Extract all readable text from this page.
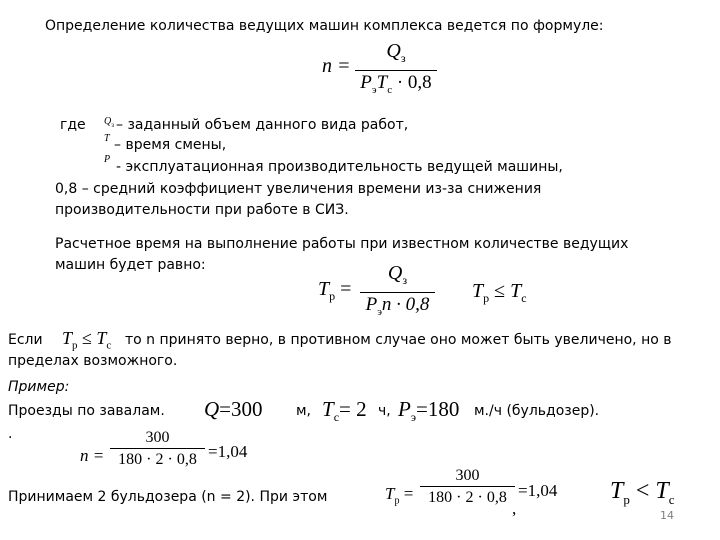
Определение количества ведущих машин комплекса ведется по формуле:
n =
$Q_з$
$P_эT_с \cdot 0,8$
где $Q_з$ – заданный объем данного вида работ,
T – время смены,
P - эксплуатационная производительность ведущей машины,
0,8 – средний коэффициент увеличения времени из-за снижения
производительности при работе в СИЗ.
Расчетное время на выполнение работы при известном количестве ведущих
машин будет равно:
$T_р$ =
$Q_з$
$P_эn \cdot 0,8$
$T_р \le T_с$
Если $T_р \le T_с$ то n принято верно, в противном случае оно может быть увеличено, но в
пределах возможного.
Пример:
Проезды по завалам. Q=300 м, $T_с= 2$ ч, $P_э=180$ м./ч (бульдозер).
.
n =
300
180 · 2 · 0,8 =1,04
Принимаем 2 бульдозера (n = 2). При этом	$T_р$ =
300
180 · 2 · 0,8 =1,04
,
$T_р < T_с$
14
